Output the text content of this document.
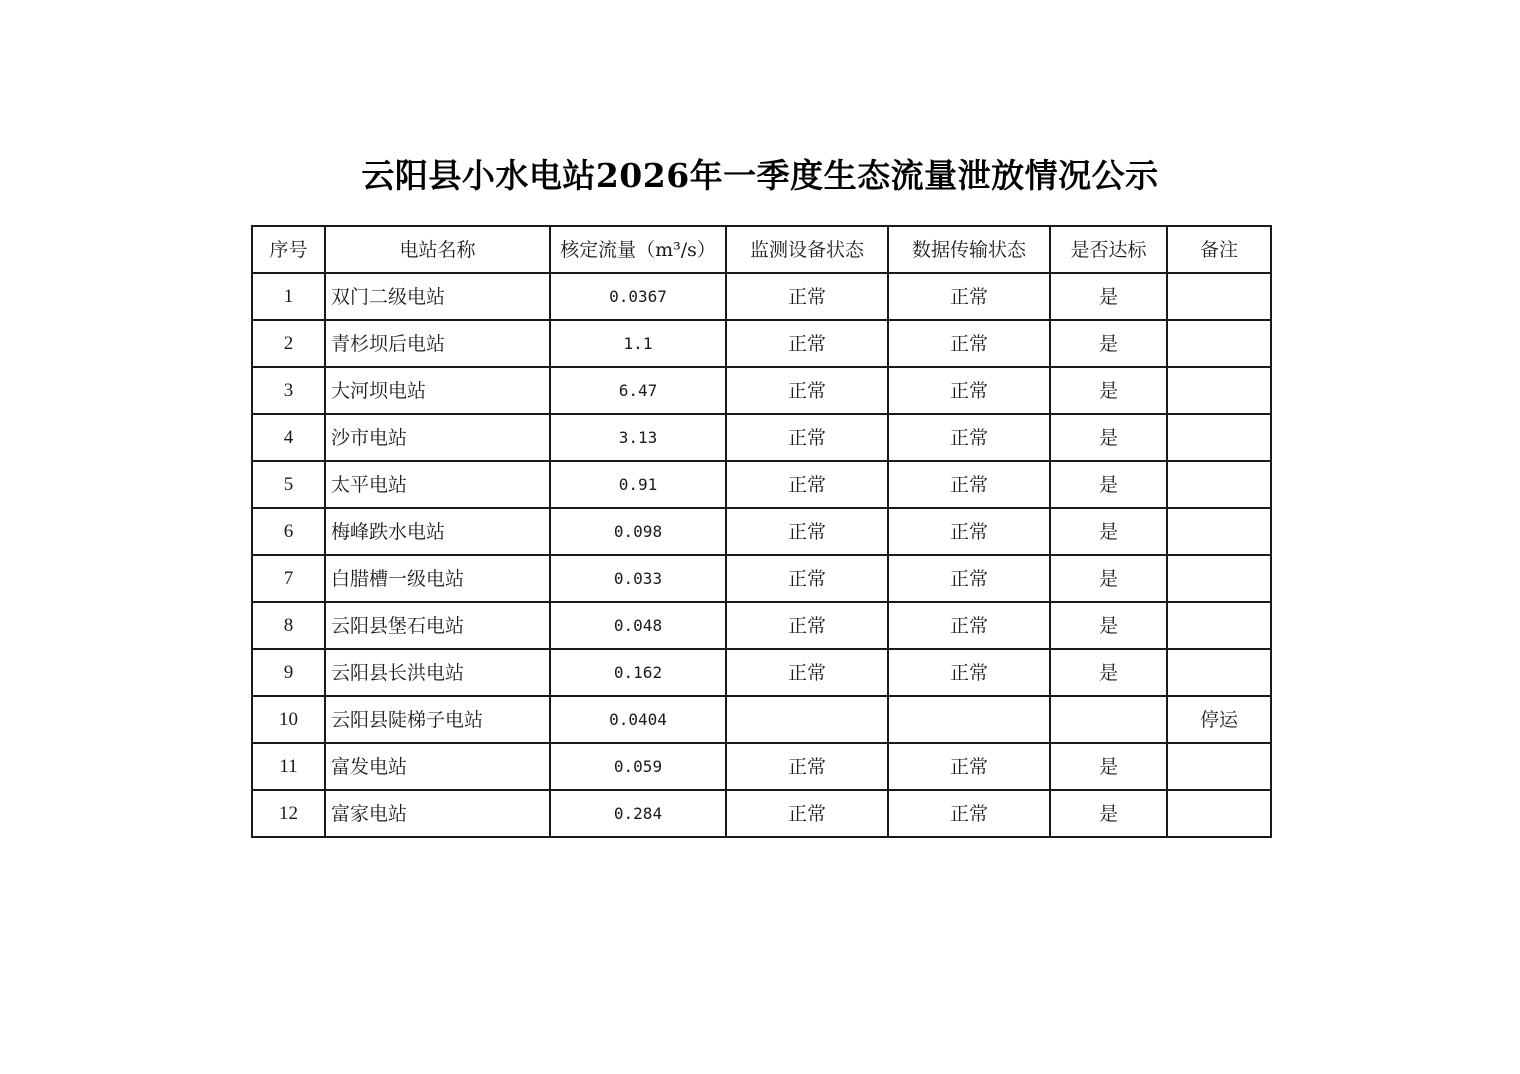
云阳县小水电站2026年一季度生态流量泄放情况公示
序号	电站名称	核定流量（m³/s）	监测设备状态	数据传输状态	是否达标	备注
1	双门二级电站	0.0367	正常	正常	是	
2	青杉坝后电站	1.1	正常	正常	是	
3	大河坝电站	6.47	正常	正常	是	
4	沙市电站	3.13	正常	正常	是	
5	太平电站	0.91	正常	正常	是	
6	梅峰跌水电站	0.098	正常	正常	是	
7	白腊槽一级电站	0.033	正常	正常	是	
8	云阳县堡石电站	0.048	正常	正常	是	
9	云阳县长洪电站	0.162	正常	正常	是	
10	云阳县陡梯子电站	0.0404				停运
11	富发电站	0.059	正常	正常	是	
12	富家电站	0.284	正常	正常	是	
